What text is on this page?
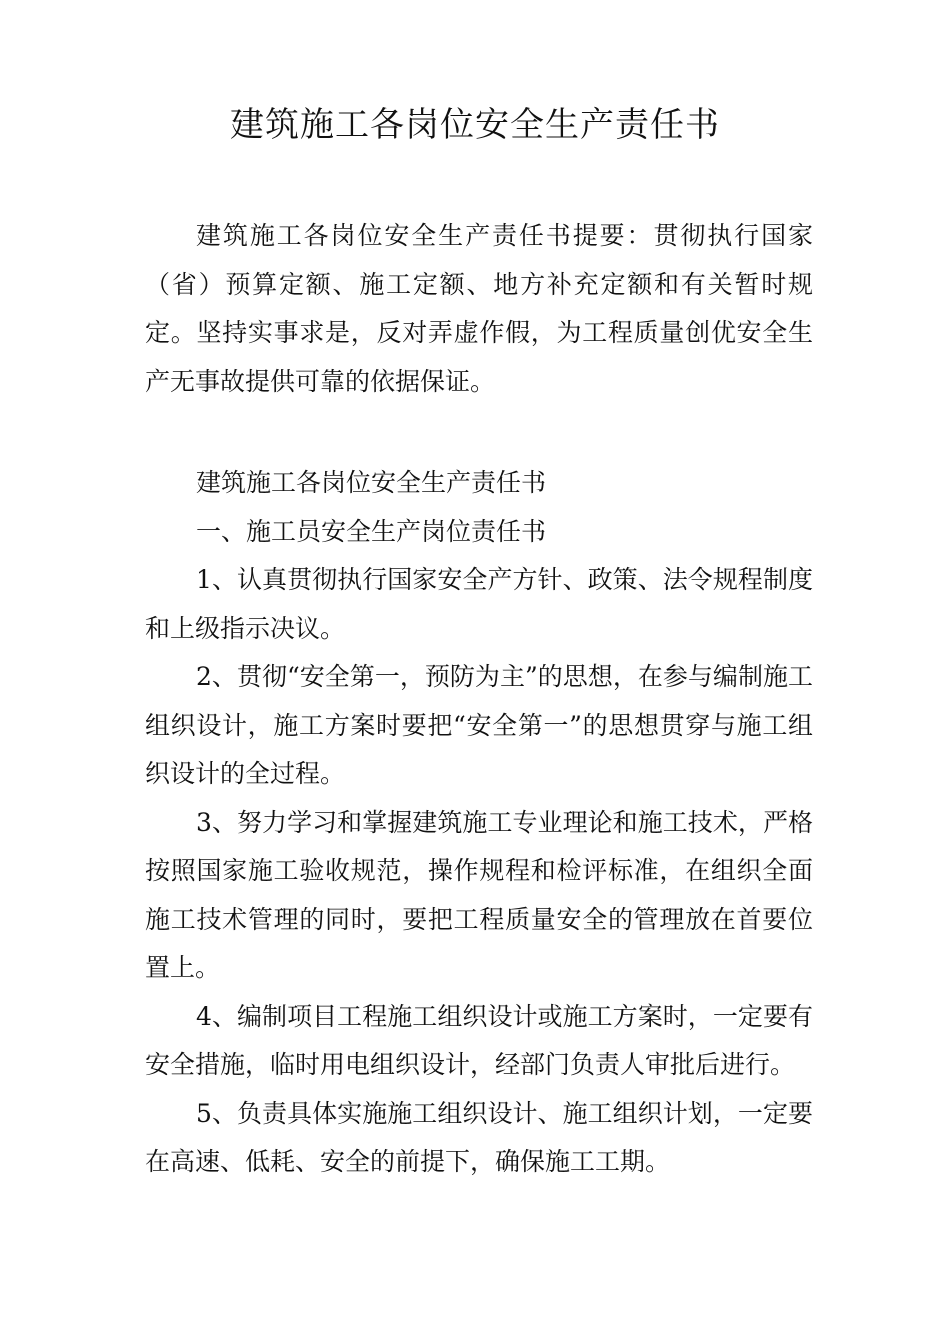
建筑施工各岗位安全生产责任书

建筑施工各岗位安全生产责任书提要：贯彻执行国家（省）预算定额、施工定额、地方补充定额和有关暂时规定。坚持实事求是，反对弄虚作假，为工程质量创优安全生产无事故提供可靠的依据保证。

建筑施工各岗位安全生产责任书

一、施工员安全生产岗位责任书

1、认真贯彻执行国家安全产方针、政策、法令规程制度和上级指示决议。

2、贯彻“安全第一，预防为主”的思想，在参与编制施工组织设计，施工方案时要把“安全第一”的思想贯穿与施工组织设计的全过程。

3、努力学习和掌握建筑施工专业理论和施工技术，严格按照国家施工验收规范，操作规程和检评标准，在组织全面施工技术管理的同时，要把工程质量安全的管理放在首要位置上。

4、编制项目工程施工组织设计或施工方案时，一定要有安全措施，临时用电组织设计，经部门负责人审批后进行。

5、负责具体实施施工组织设计、施工组织计划，一定要在高速、低耗、安全的前提下，确保施工工期。
